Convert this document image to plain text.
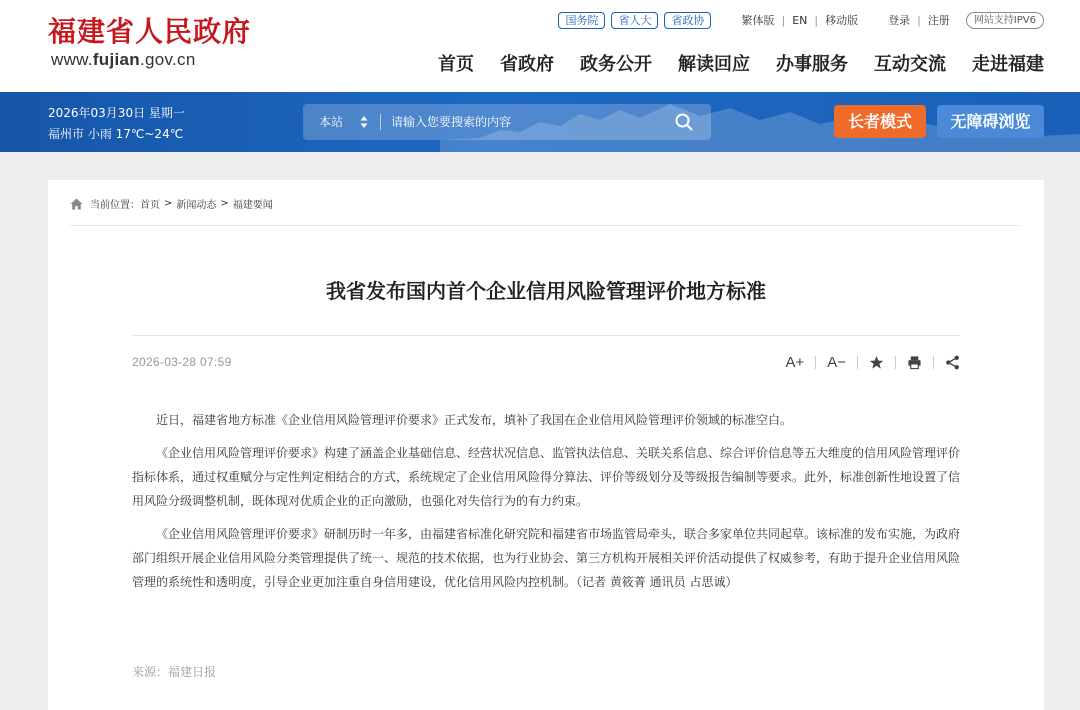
福建省人民政府
www.fujian.gov.cn
国务院	省人大	省政协	繁体版 | EN | 移动版	登录 | 注册	网站支持IPV6
首页 省政府 政务公开 解读回应 办事服务 互动交流 走进福建
2026年03月30日 星期一
福州市 小雨 17℃~24℃
本站
请输入您要搜索的内容	长者模式	无障碍浏览
当前位置： 首页 > 新闻动态 > 福建要闻
我省发布国内首个企业信用风险管理评价地方标准
2026-03-28 07:59	A+ A−

近日，福建省地方标准《企业信用风险管理评价要求》正式发布，填补了我国在企业信用风险管理评价领域的标准空白。

《企业信用风险管理评价要求》构建了涵盖企业基础信息、经营状况信息、监管执法信息、关联关系信息、综合评价信息等五大维度的信用风险管理评价指标体系，通过权重赋分与定性判定相结合的方式，系统规定了企业信用风险得分算法、评价等级划分及等级报告编制等要求。此外，标准创新性地设置了信用风险分级调整机制，既体现对优质企业的正向激励，也强化对失信行为的有力约束。

《企业信用风险管理评价要求》研制历时一年多，由福建省标准化研究院和福建省市场监管局牵头，联合多家单位共同起草。该标准的发布实施，为政府部门组织开展企业信用风险分类管理提供了统一、规范的技术依据，也为行业协会、第三方机构开展相关评价活动提供了权威参考，有助于提升企业信用风险管理的系统性和透明度，引导企业更加注重自身信用建设，优化信用风险内控机制。（记者 黄筱菁 通讯员 占思诚）

来源：福建日报
